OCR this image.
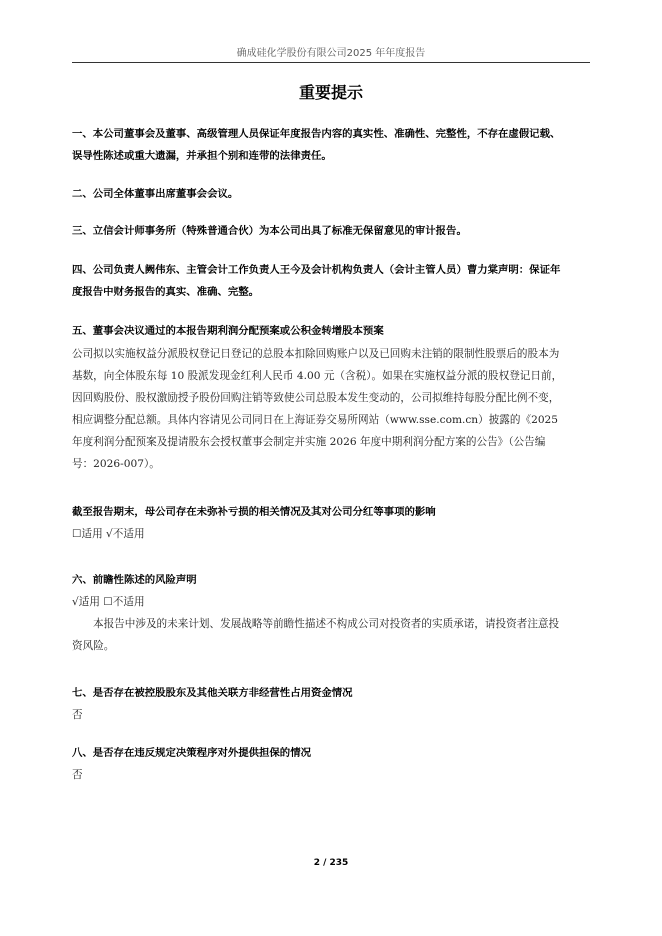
确成硅化学股份有限公司2025 年年度报告
重要提示
一、本公司董事会及董事、高级管理人员保证年度报告内容的真实性、准确性、完整性，不存在虚假记载、误导性陈述或重大遗漏，并承担个别和连带的法律责任。
二、公司全体董事出席董事会会议。
三、立信会计师事务所（特殊普通合伙）为本公司出具了标准无保留意见的审计报告。
四、公司负责人阙伟东、主管会计工作负责人王今及会计机构负责人（会计主管人员）曹力棠声明：保证年度报告中财务报告的真实、准确、完整。
五、董事会决议通过的本报告期利润分配预案或公积金转增股本预案
公司拟以实施权益分派股权登记日登记的总股本扣除回购账户以及已回购未注销的限制性股票后的股本为基数，向全体股东每 10 股派发现金红利人民币 4.00 元（含税）。如果在实施权益分派的股权登记日前，因回购股份、股权激励授予股份回购注销等致使公司总股本发生变动的，公司拟维持每股分配比例不变，相应调整分配总额。具体内容请见公司同日在上海证券交易所网站（www.sse.com.cn）披露的《2025 年度利润分配预案及提请股东会授权董事会制定并实施 2026 年度中期利润分配方案的公告》（公告编号：2026-007）。
截至报告期末，母公司存在未弥补亏损的相关情况及其对公司分红等事项的影响
☐适用 √不适用
六、前瞻性陈述的风险声明
√适用 ☐不适用
本报告中涉及的未来计划、发展战略等前瞻性描述不构成公司对投资者的实质承诺，请投资者注意投资风险。
七、是否存在被控股股东及其他关联方非经营性占用资金情况
否
八、是否存在违反规定决策程序对外提供担保的情况
否
2 / 235
